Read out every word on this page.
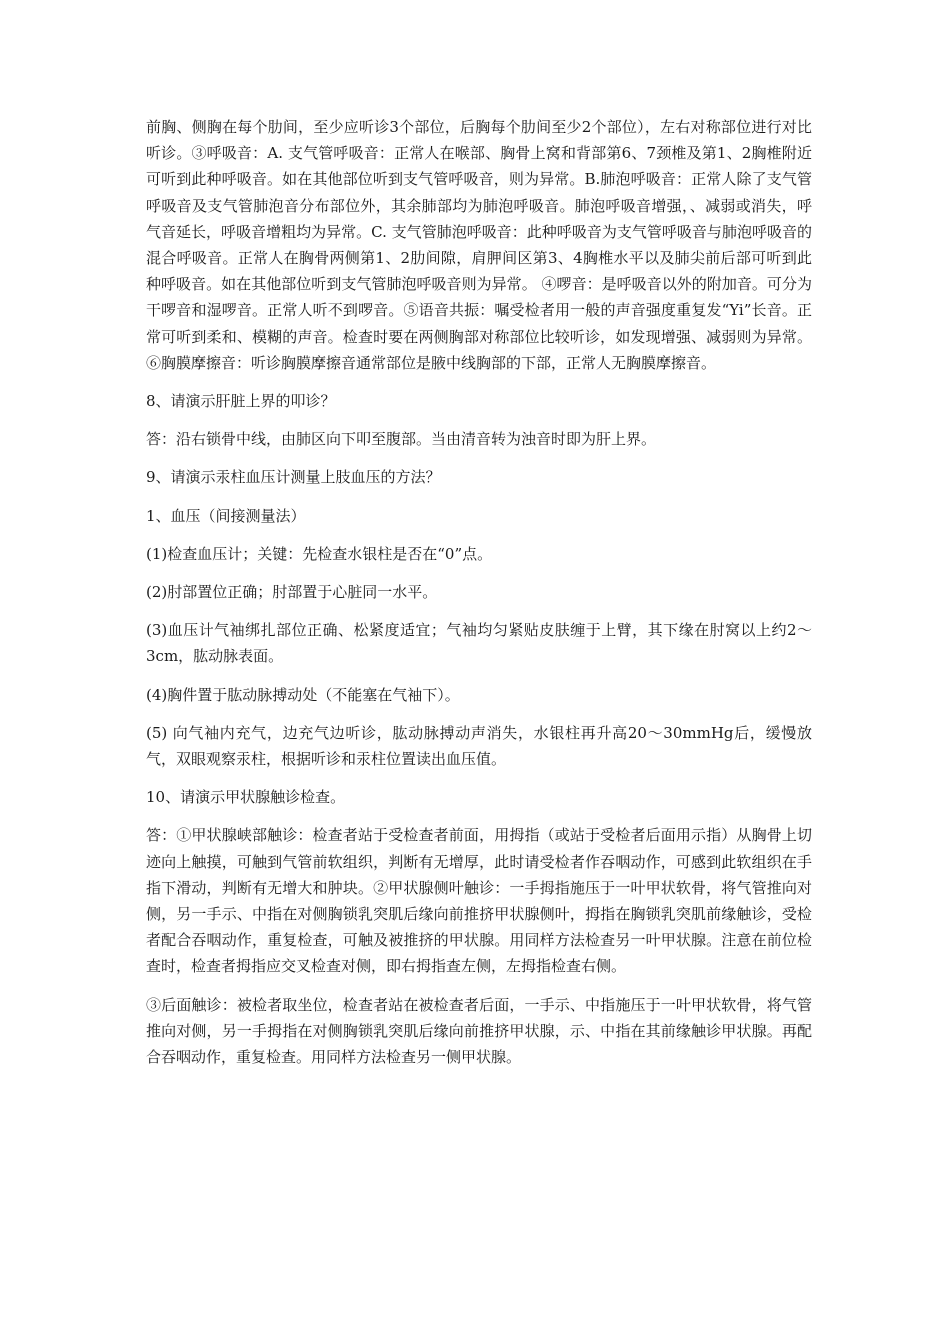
前胸、侧胸在每个肋间，至少应听诊3个部位，后胸每个肋间至少2个部位），左右对称部位进行对比听诊。③呼吸音：A. 支气管呼吸音：正常人在喉部、胸骨上窝和背部第6、7颈椎及第1、2胸椎附近可听到此种呼吸音。如在其他部位听到支气管呼吸音，则为异常。B.肺泡呼吸音：正常人除了支气管呼吸音及支气管肺泡音分布部位外，其余肺部均为肺泡呼吸音。肺泡呼吸音增强，、减弱或消失，呼气音延长，呼吸音增粗均为异常。C. 支气管肺泡呼吸音：此种呼吸音为支气管呼吸音与肺泡呼吸音的混合呼吸音。正常人在胸骨两侧第1、2肋间隙，肩胛间区第3、4胸椎水平以及肺尖前后部可听到此种呼吸音。如在其他部位听到支气管肺泡呼吸音则为异常。 ④啰音：是呼吸音以外的附加音。可分为干啰音和湿啰音。正常人听不到啰音。⑤语音共振：嘱受检者用一般的声音强度重复发“Yi”长音。正常可听到柔和、模糊的声音。检查时要在两侧胸部对称部位比较听诊，如发现增强、减弱则为异常。⑥胸膜摩擦音：听诊胸膜摩擦音通常部位是腋中线胸部的下部，正常人无胸膜摩擦音。

8、请演示肝脏上界的叩诊？

答：沿右锁骨中线，由肺区向下叩至腹部。当由清音转为浊音时即为肝上界。

9、请演示汞柱血压计测量上肢血压的方法？

1、血压（间接测量法）

(1)检查血压计；关键：先检查水银柱是否在“0”点。

(2)肘部置位正确；肘部置于心脏同一水平。

(3)血压计气袖绑扎部位正确、松紧度适宜；气袖均匀紧贴皮肤缠于上臂，其下缘在肘窝以上约2～3cm，肱动脉表面。

(4)胸件置于肱动脉搏动处（不能塞在气袖下）。

(5) 向气袖内充气，边充气边听诊，肱动脉搏动声消失，水银柱再升高20～30mmHg后，缓慢放气，双眼观察汞柱，根据听诊和汞柱位置读出血压值。

10、请演示甲状腺触诊检查。

答：①甲状腺峡部触诊：检查者站于受检查者前面，用拇指（或站于受检者后面用示指）从胸骨上切迹向上触摸，可触到气管前软组织，判断有无增厚，此时请受检者作吞咽动作，可感到此软组织在手指下滑动，判断有无增大和肿块。②甲状腺侧叶触诊：一手拇指施压于一叶甲状软骨，将气管推向对侧，另一手示、中指在对侧胸锁乳突肌后缘向前推挤甲状腺侧叶，拇指在胸锁乳突肌前缘触诊，受检者配合吞咽动作，重复检查，可触及被推挤的甲状腺。用同样方法检查另一叶甲状腺。注意在前位检查时，检查者拇指应交叉检查对侧，即右拇指查左侧，左拇指检查右侧。

③后面触诊：被检者取坐位，检查者站在被检查者后面，一手示、中指施压于一叶甲状软骨，将气管推向对侧，另一手拇指在对侧胸锁乳突肌后缘向前推挤甲状腺，示、中指在其前缘触诊甲状腺。再配合吞咽动作，重复检查。用同样方法检查另一侧甲状腺。
